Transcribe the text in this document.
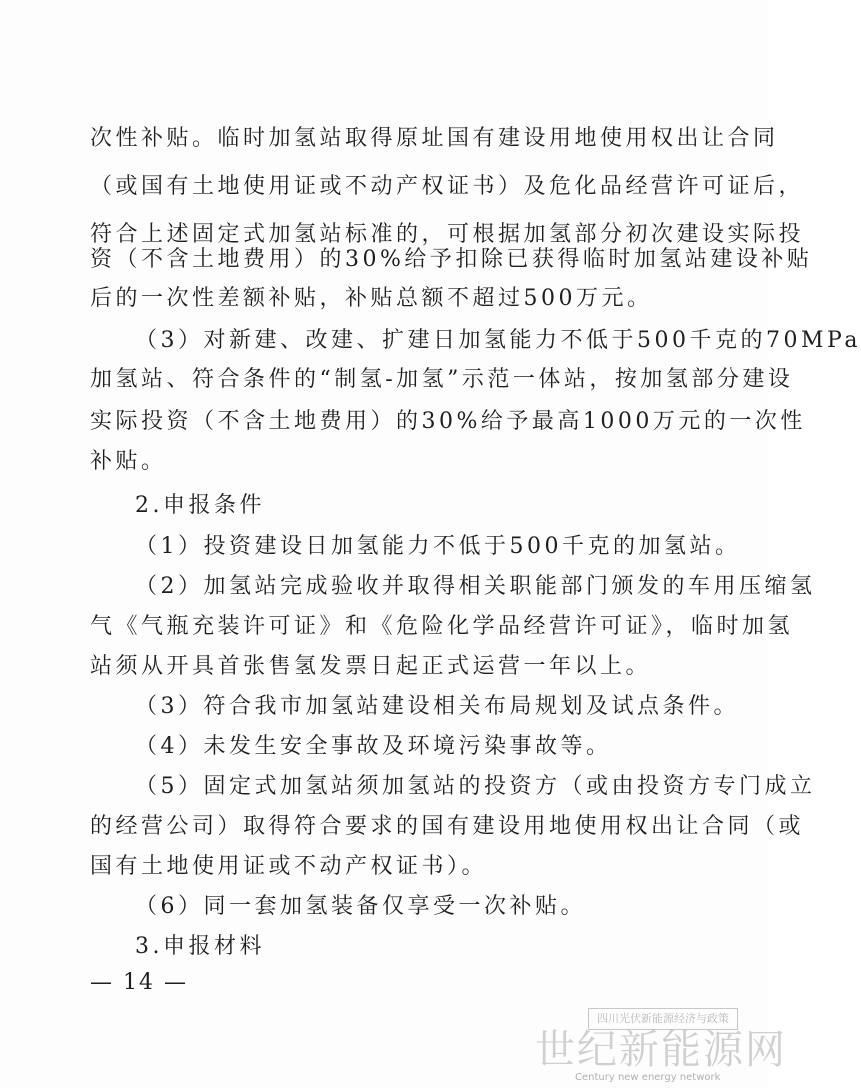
次性补贴。临时加氢站取得原址国有建设用地使用权出让合同
（或国有土地使用证或不动产权证书）及危化品经营许可证后，
符合上述固定式加氢站标准的，可根据加氢部分初次建设实际投
资（不含土地费用）的30%给予扣除已获得临时加氢站建设补贴
后的一次性差额补贴，补贴总额不超过500万元。
（3）对新建、改建、扩建日加氢能力不低于500千克的70MPa
加氢站、符合条件的“制氢-加氢”示范一体站，按加氢部分建设
实际投资（不含土地费用）的30%给予最高1000万元的一次性
补贴。
2.申报条件
（1）投资建设日加氢能力不低于500千克的加氢站。
（2）加氢站完成验收并取得相关职能部门颁发的车用压缩氢
气《气瓶充装许可证》和《危险化学品经营许可证》，临时加氢
站须从开具首张售氢发票日起正式运营一年以上。
（3）符合我市加氢站建设相关布局规划及试点条件。
（4）未发生安全事故及环境污染事故等。
（5）固定式加氢站须加氢站的投资方（或由投资方专门成立
的经营公司）取得符合要求的国有建设用地使用权出让合同（或
国有土地使用证或不动产权证书）。
（6）同一套加氢装备仅享受一次补贴。
3.申报材料
— 14 —
四川光伏新能源经济与政策
世纪新能源网
Century new energy network
